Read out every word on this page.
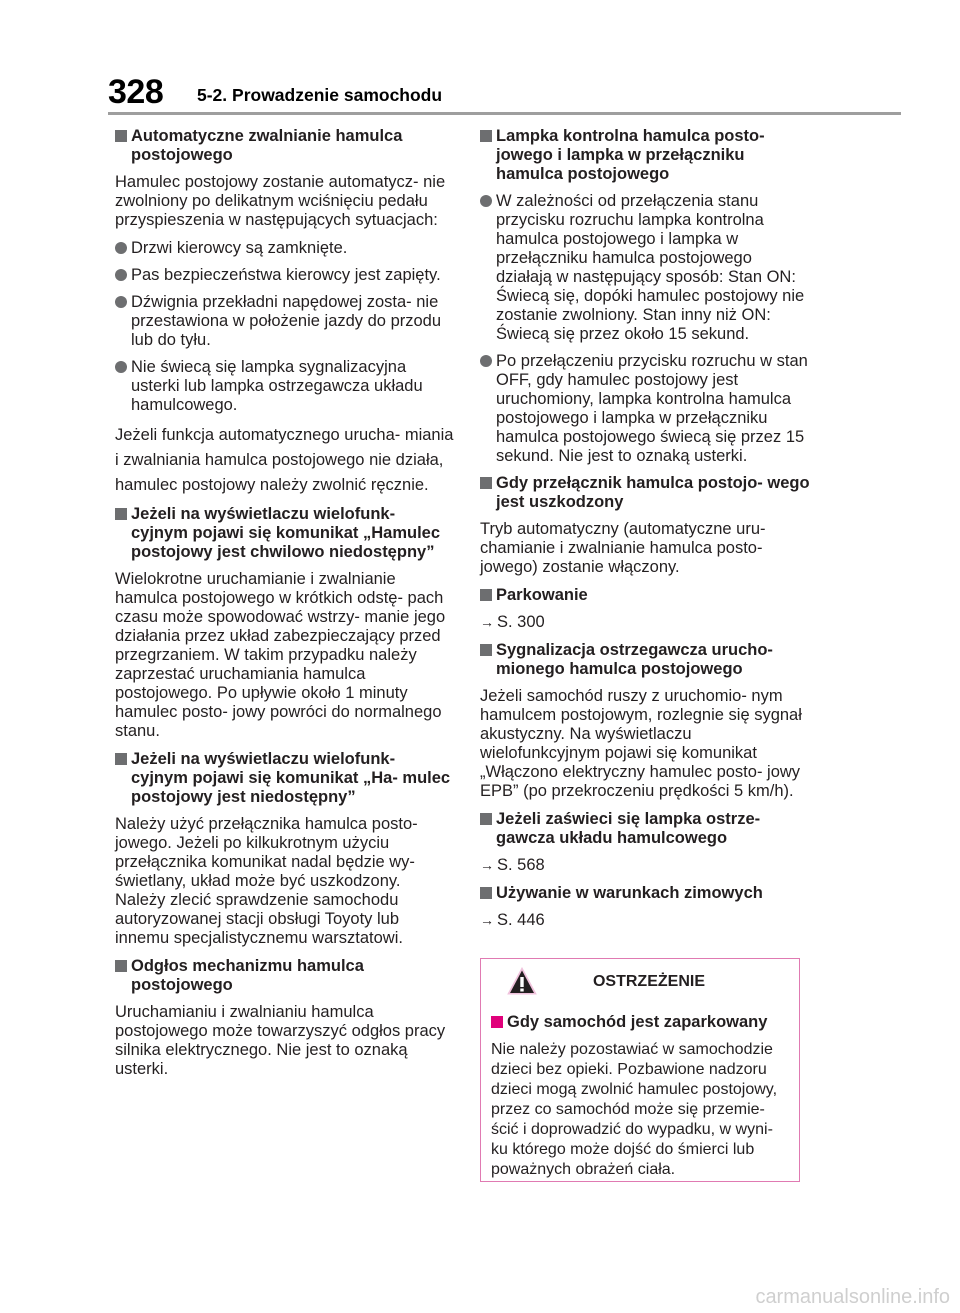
328 5-2. Prowadzenie samochodu
Automatyczne zwalnianie hamulca postojowego
Hamulec postojowy zostanie automatycz- nie zwolniony po delikatnym wciśnięciu pedału przyspieszenia w następujących sytuacjach:
Drzwi kierowcy są zamknięte.
Pas bezpieczeństwa kierowcy jest zapięty.
Dźwignia przekładni napędowej zosta- nie przestawiona w położenie jazdy do przodu lub do tyłu.
Nie świecą się lampka sygnalizacyjna usterki lub lampka ostrzegawcza układu hamulcowego.
Jeżeli funkcja automatycznego urucha- miania i zwalniania hamulca postojowego nie działa, hamulec postojowy należy zwolnić ręcznie.
Jeżeli na wyświetlaczu wielofunk- cyjnym pojawi się komunikat „Hamulec postojowy jest chwilowo niedostępny”
Wielokrotne uruchamianie i zwalnianie hamulca postojowego w krótkich odstę- pach czasu może spowodować wstrzy- manie jego działania przez układ zabezpieczający przed przegrzaniem. W takim przypadku należy zaprzestać uruchamiania hamulca postojowego. Po upływie około 1 minuty hamulec posto- jowy powróci do normalnego stanu.
Jeżeli na wyświetlaczu wielofunk- cyjnym pojawi się komunikat „Ha- mulec postojowy jest niedostępny”
Należy użyć przełącznika hamulca posto- jowego. Jeżeli po kilkukrotnym użyciu przełącznika komunikat nadal będzie wy- świetlany, układ może być uszkodzony. Należy zlecić sprawdzenie samochodu autoryzowanej stacji obsługi Toyoty lub innemu specjalistycznemu warsztatowi.
Odgłos mechanizmu hamulca postojowego
Uruchamianiu i zwalnianiu hamulca postojowego może towarzyszyć odgłos pracy silnika elektrycznego. Nie jest to oznaką usterki.
Lampka kontrolna hamulca posto- jowego i lampka w przełączniku hamulca postojowego
W zależności od przełączenia stanu przycisku rozruchu lampka kontrolna hamulca postojowego i lampka w przełączniku hamulca postojowego działają w następujący sposób: Stan ON: Świecą się, dopóki hamulec postojowy nie zostanie zwolniony. Stan inny niż ON: Świecą się przez około 15 sekund.
Po przełączeniu przycisku rozruchu w stan OFF, gdy hamulec postojowy jest uruchomiony, lampka kontrolna hamulca postojowego i lampka w przełączniku hamulca postojowego świecą się przez 15 sekund. Nie jest to oznaką usterki.
Gdy przełącznik hamulca postojo- wego jest uszkodzony
Tryb automatyczny (automatyczne uru- chamianie i zwalnianie hamulca posto- jowego) zostanie włączony.
Parkowanie
→ S. 300
Sygnalizacja ostrzegawcza urucho- mionego hamulca postojowego
Jeżeli samochód ruszy z uruchomio- nym hamulcem postojowym, rozlegnie się sygnał akustyczny. Na wyświetlaczu wielofunkcyjnym pojawi się komunikat „Włączono elektryczny hamulec posto- jowy EPB” (po przekroczeniu prędkości 5 km/h).
Jeżeli zaświeci się lampka ostrze- gawcza układu hamulcowego
→ S. 568
Używanie w warunkach zimowych
→ S. 446
OSTRZEŻENIE
Gdy samochód jest zaparkowany
Nie należy pozostawiać w samochodzie dzieci bez opieki. Pozbawione nadzoru dzieci mogą zwolnić hamulec postojowy, przez co samochód może się przemie- ścić i doprowadzić do wypadku, w wyni- ku którego może dojść do śmierci lub poważnych obrażeń ciała.
carmanualsonline.info
